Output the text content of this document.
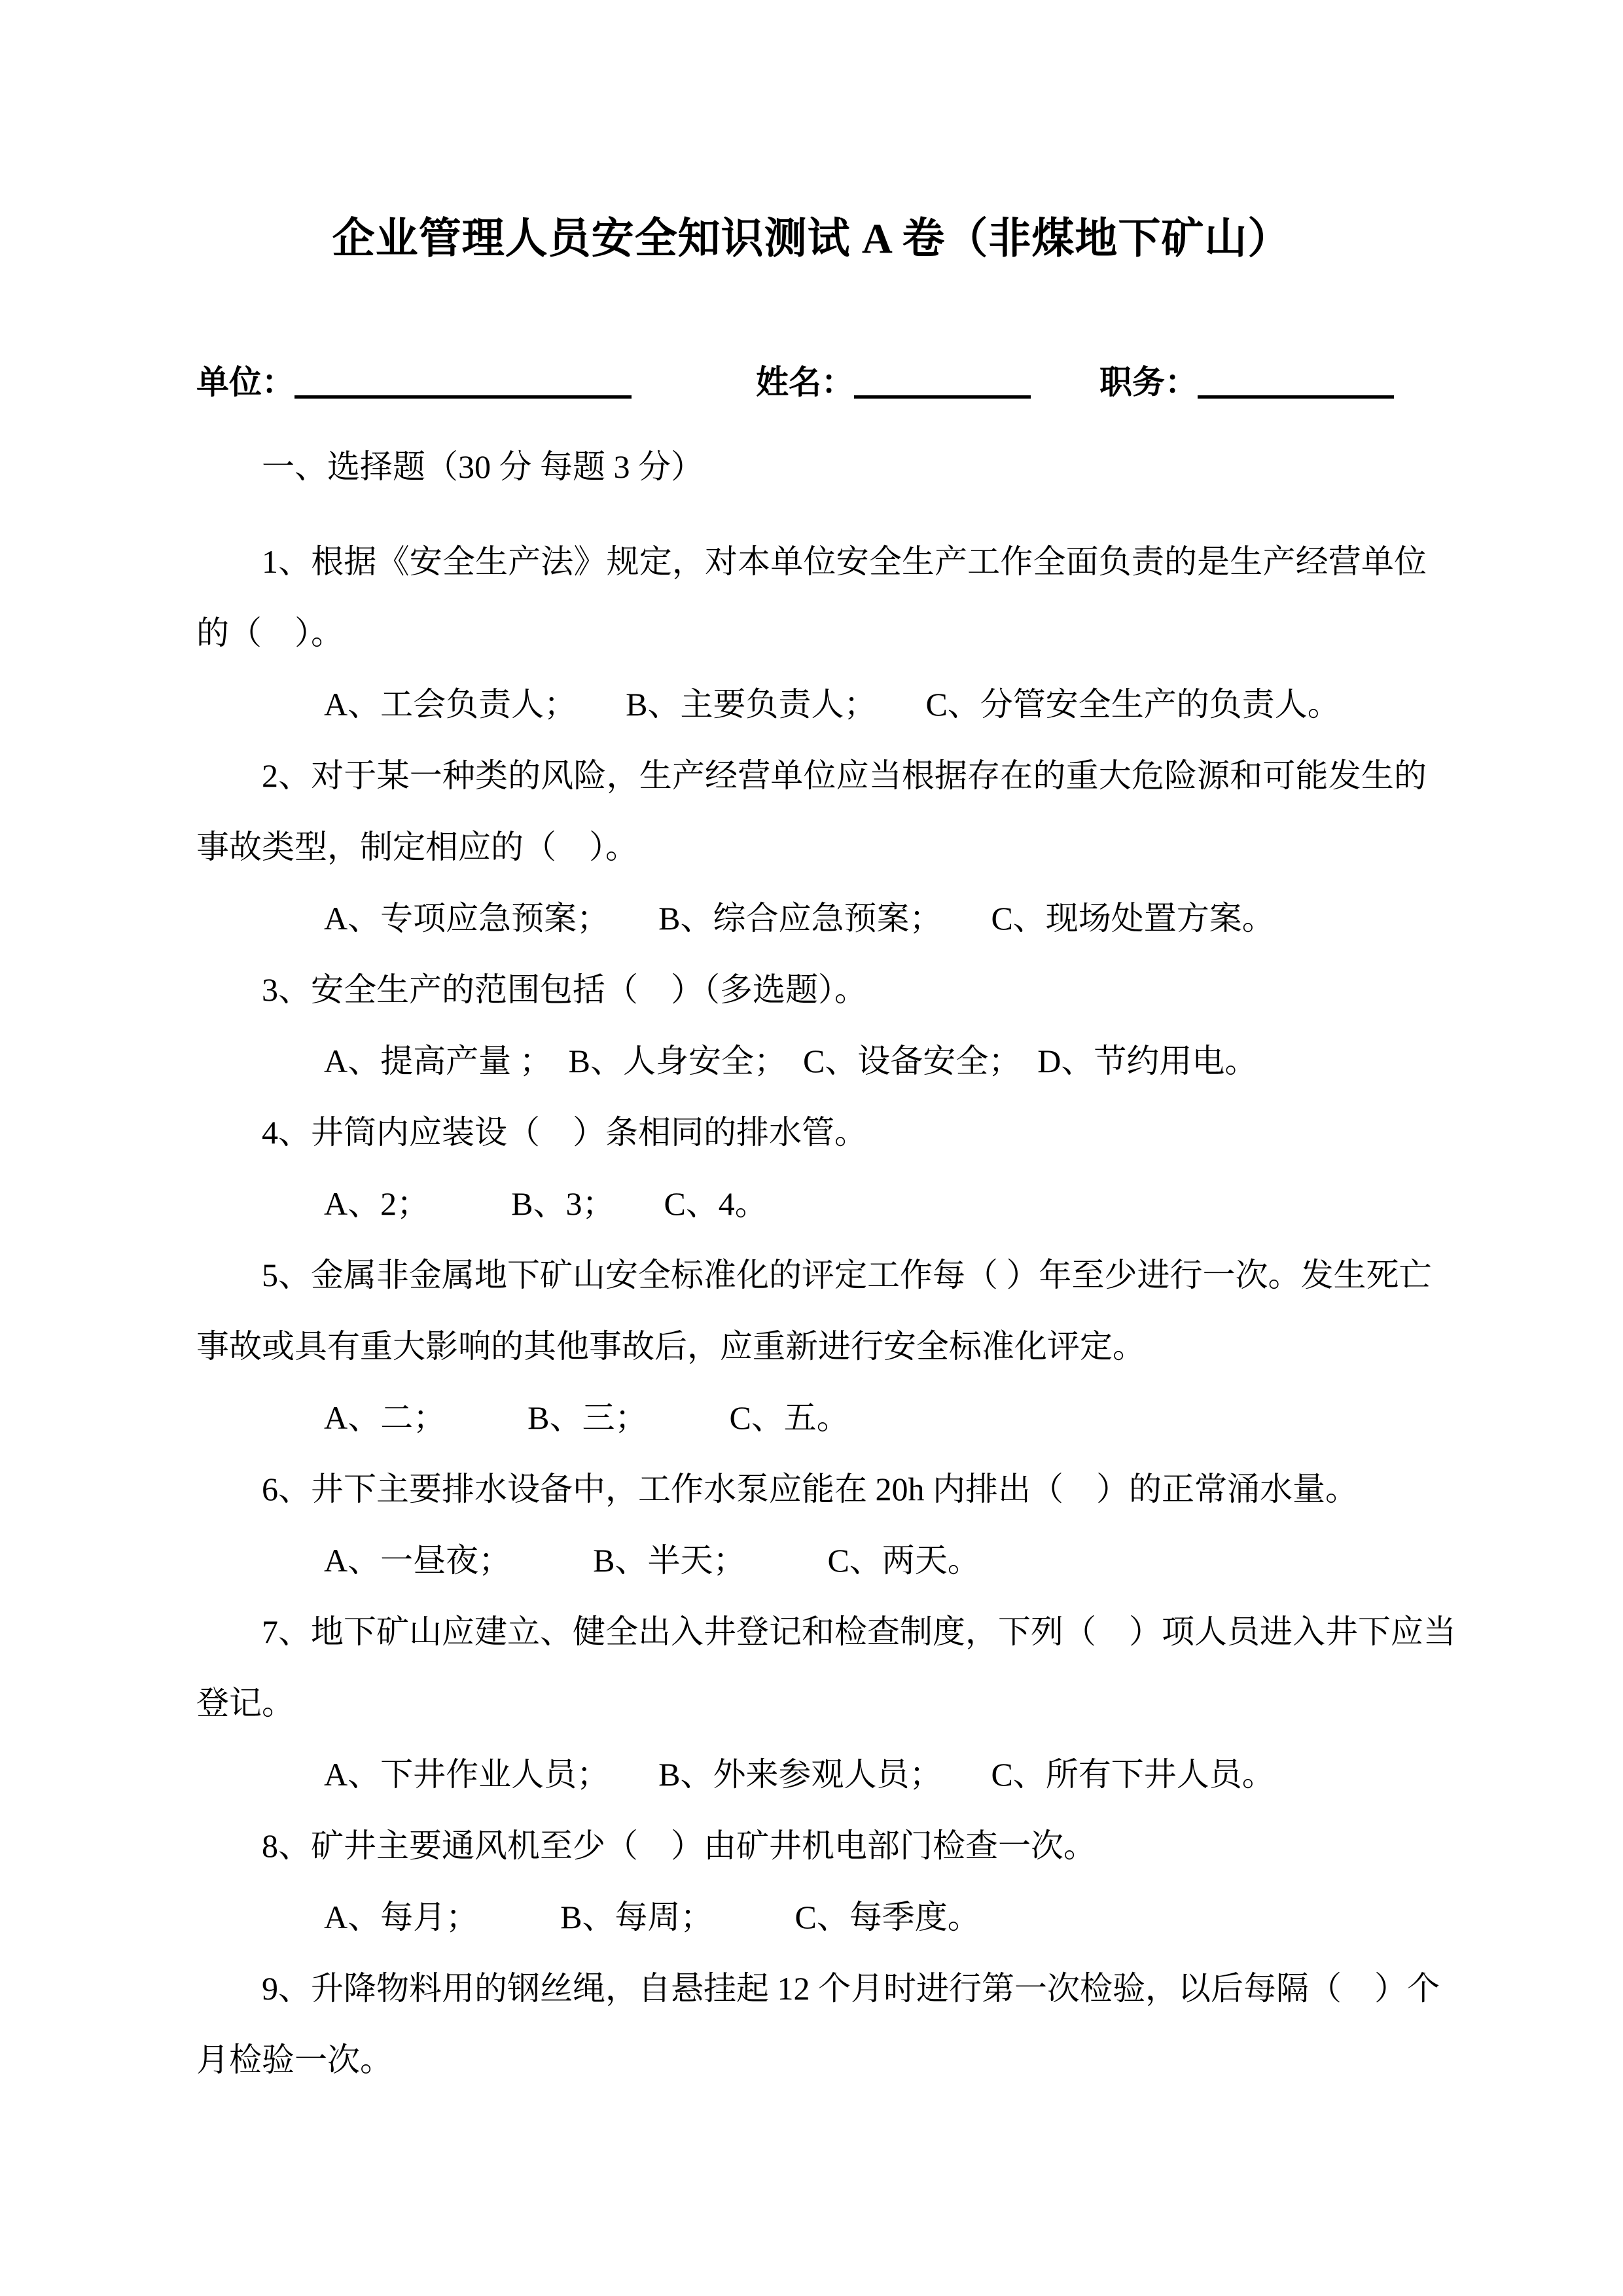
企业管理人员安全知识测试 A 卷（非煤地下矿山）
单位：	姓名：	职务：

一、选择题（30 分 每题 3 分）

1、根据《安全生产法》规定，对本单位安全生产工作全面负责的是生产经营单位

的（　）。

A、工会负责人；　　B、主要负责人；　　C、分管安全生产的负责人。

2、对于某一种类的风险，生产经营单位应当根据存在的重大危险源和可能发生的

事故类型，制定相应的（　）。

A、专项应急预案；　　B、综合应急预案；　　C、现场处置方案。

3、安全生产的范围包括（　）（多选题）。

A、提高产量 ；　B、人身安全；　C、设备安全；　D、节约用电。

4、井筒内应装设（　）条相同的排水管。

A、2；　　　B、3；　　C、4。

5、金属非金属地下矿山安全标准化的评定工作每（ ）年至少进行一次。发生死亡

事故或具有重大影响的其他事故后，应重新进行安全标准化评定。

A、二；　　　B、三；　　　C、五。

6、井下主要排水设备中，工作水泵应能在 20h 内排出（　）的正常涌水量。

A、一昼夜；　　　B、半天；　　　C、两天。

7、地下矿山应建立、健全出入井登记和检查制度，下列（　）项人员进入井下应当

登记。

A、下井作业人员；　　B、外来参观人员；　　C、所有下井人员。

8、矿井主要通风机至少（　）由矿井机电部门检查一次。

A、每月；　　　B、每周；　　　C、每季度。

9、升降物料用的钢丝绳，自悬挂起 12 个月时进行第一次检验，以后每隔（　）个

月检验一次。
